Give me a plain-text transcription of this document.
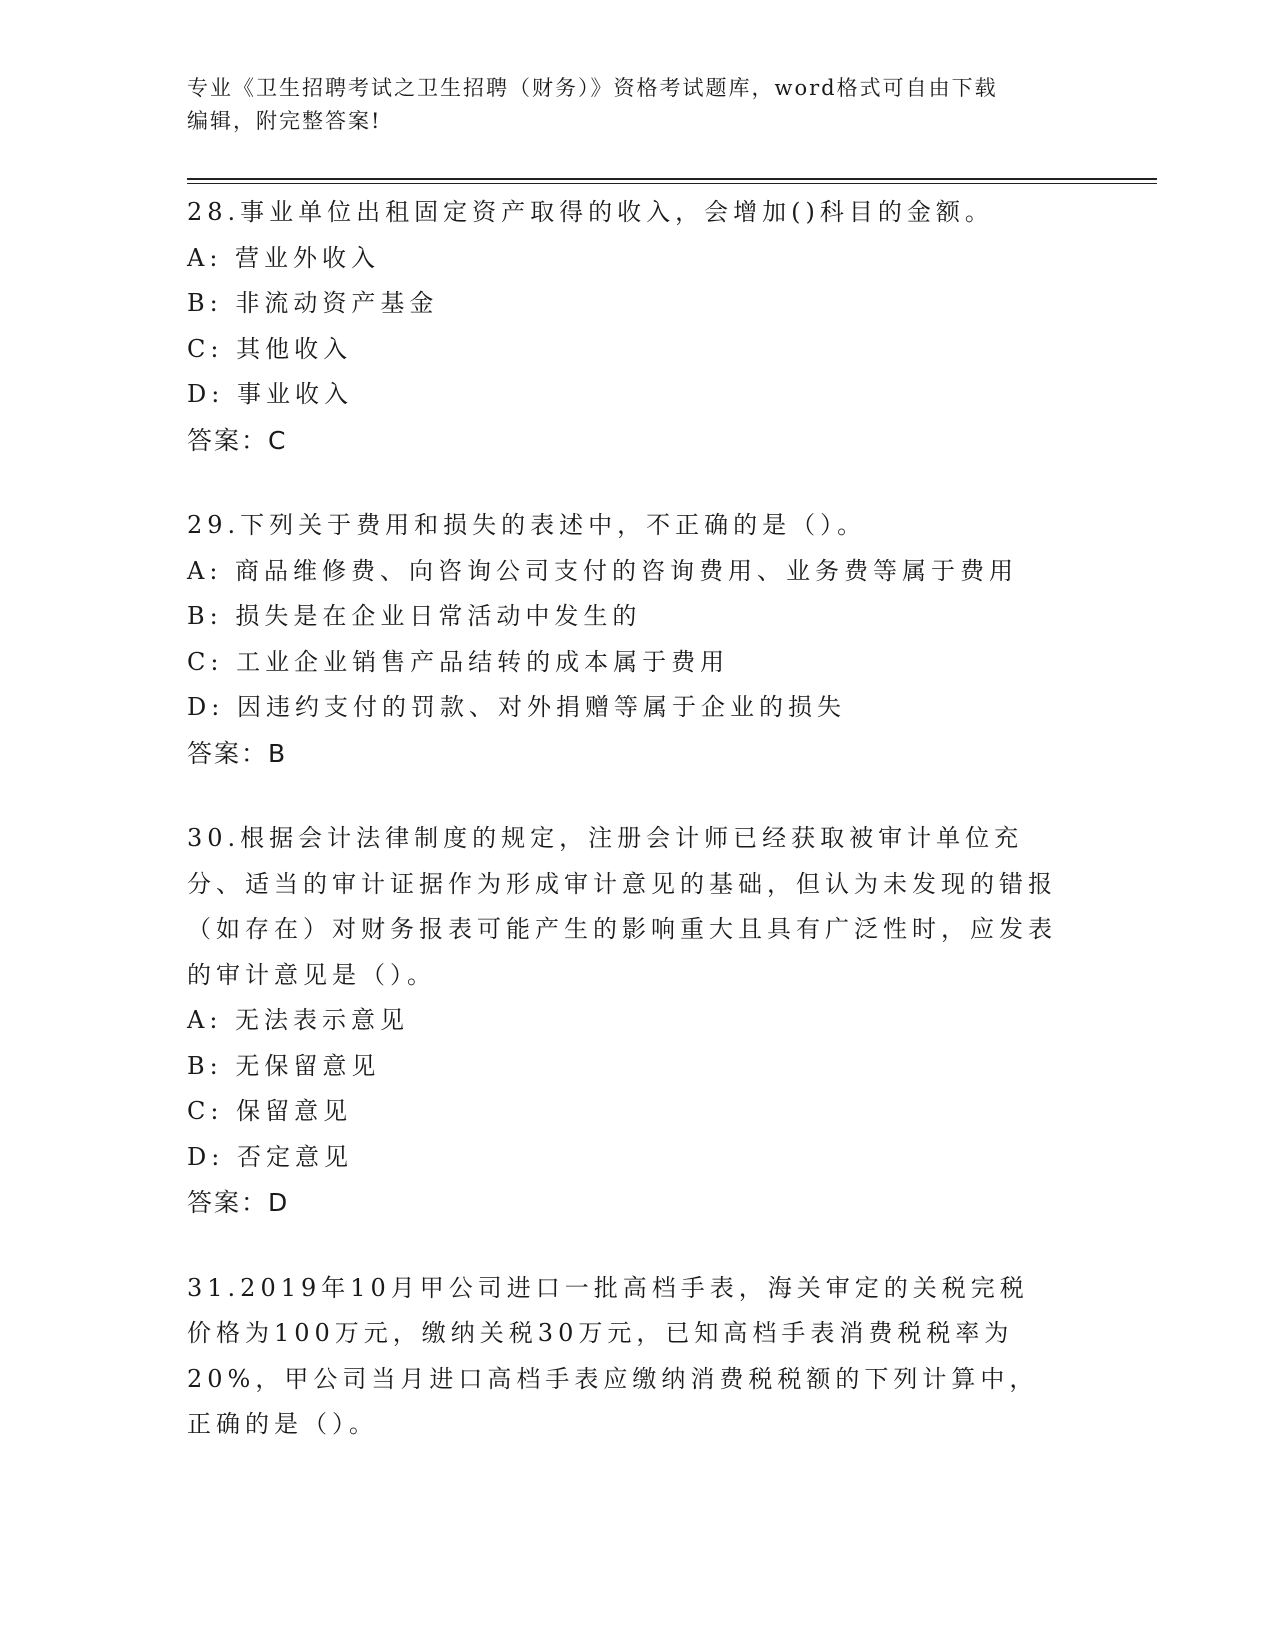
专业《卫生招聘考试之卫生招聘（财务）》资格考试题库，word格式可自由下载
编辑，附完整答案!
28.事业单位出租固定资产取得的收入，会增加()科目的金额。
A: 营业外收入
B: 非流动资产基金
C: 其他收入
D: 事业收入
答案：C
29.下列关于费用和损失的表述中，不正确的是（）。
A: 商品维修费、向咨询公司支付的咨询费用、业务费等属于费用
B: 损失是在企业日常活动中发生的
C: 工业企业销售产品结转的成本属于费用
D: 因违约支付的罚款、对外捐赠等属于企业的损失
答案：B
30.根据会计法律制度的规定，注册会计师已经获取被审计单位充分、适当的审计证据作为形成审计意见的基础，但认为未发现的错报（如存在）对财务报表可能产生的影响重大且具有广泛性时，应发表的审计意见是（）。
A: 无法表示意见
B: 无保留意见
C: 保留意见
D: 否定意见
答案：D
31.2019年10月甲公司进口一批高档手表，海关审定的关税完税价格为100万元，缴纳关税30万元，已知高档手表消费税税率为20%，甲公司当月进口高档手表应缴纳消费税税额的下列计算中，正确的是（）。
